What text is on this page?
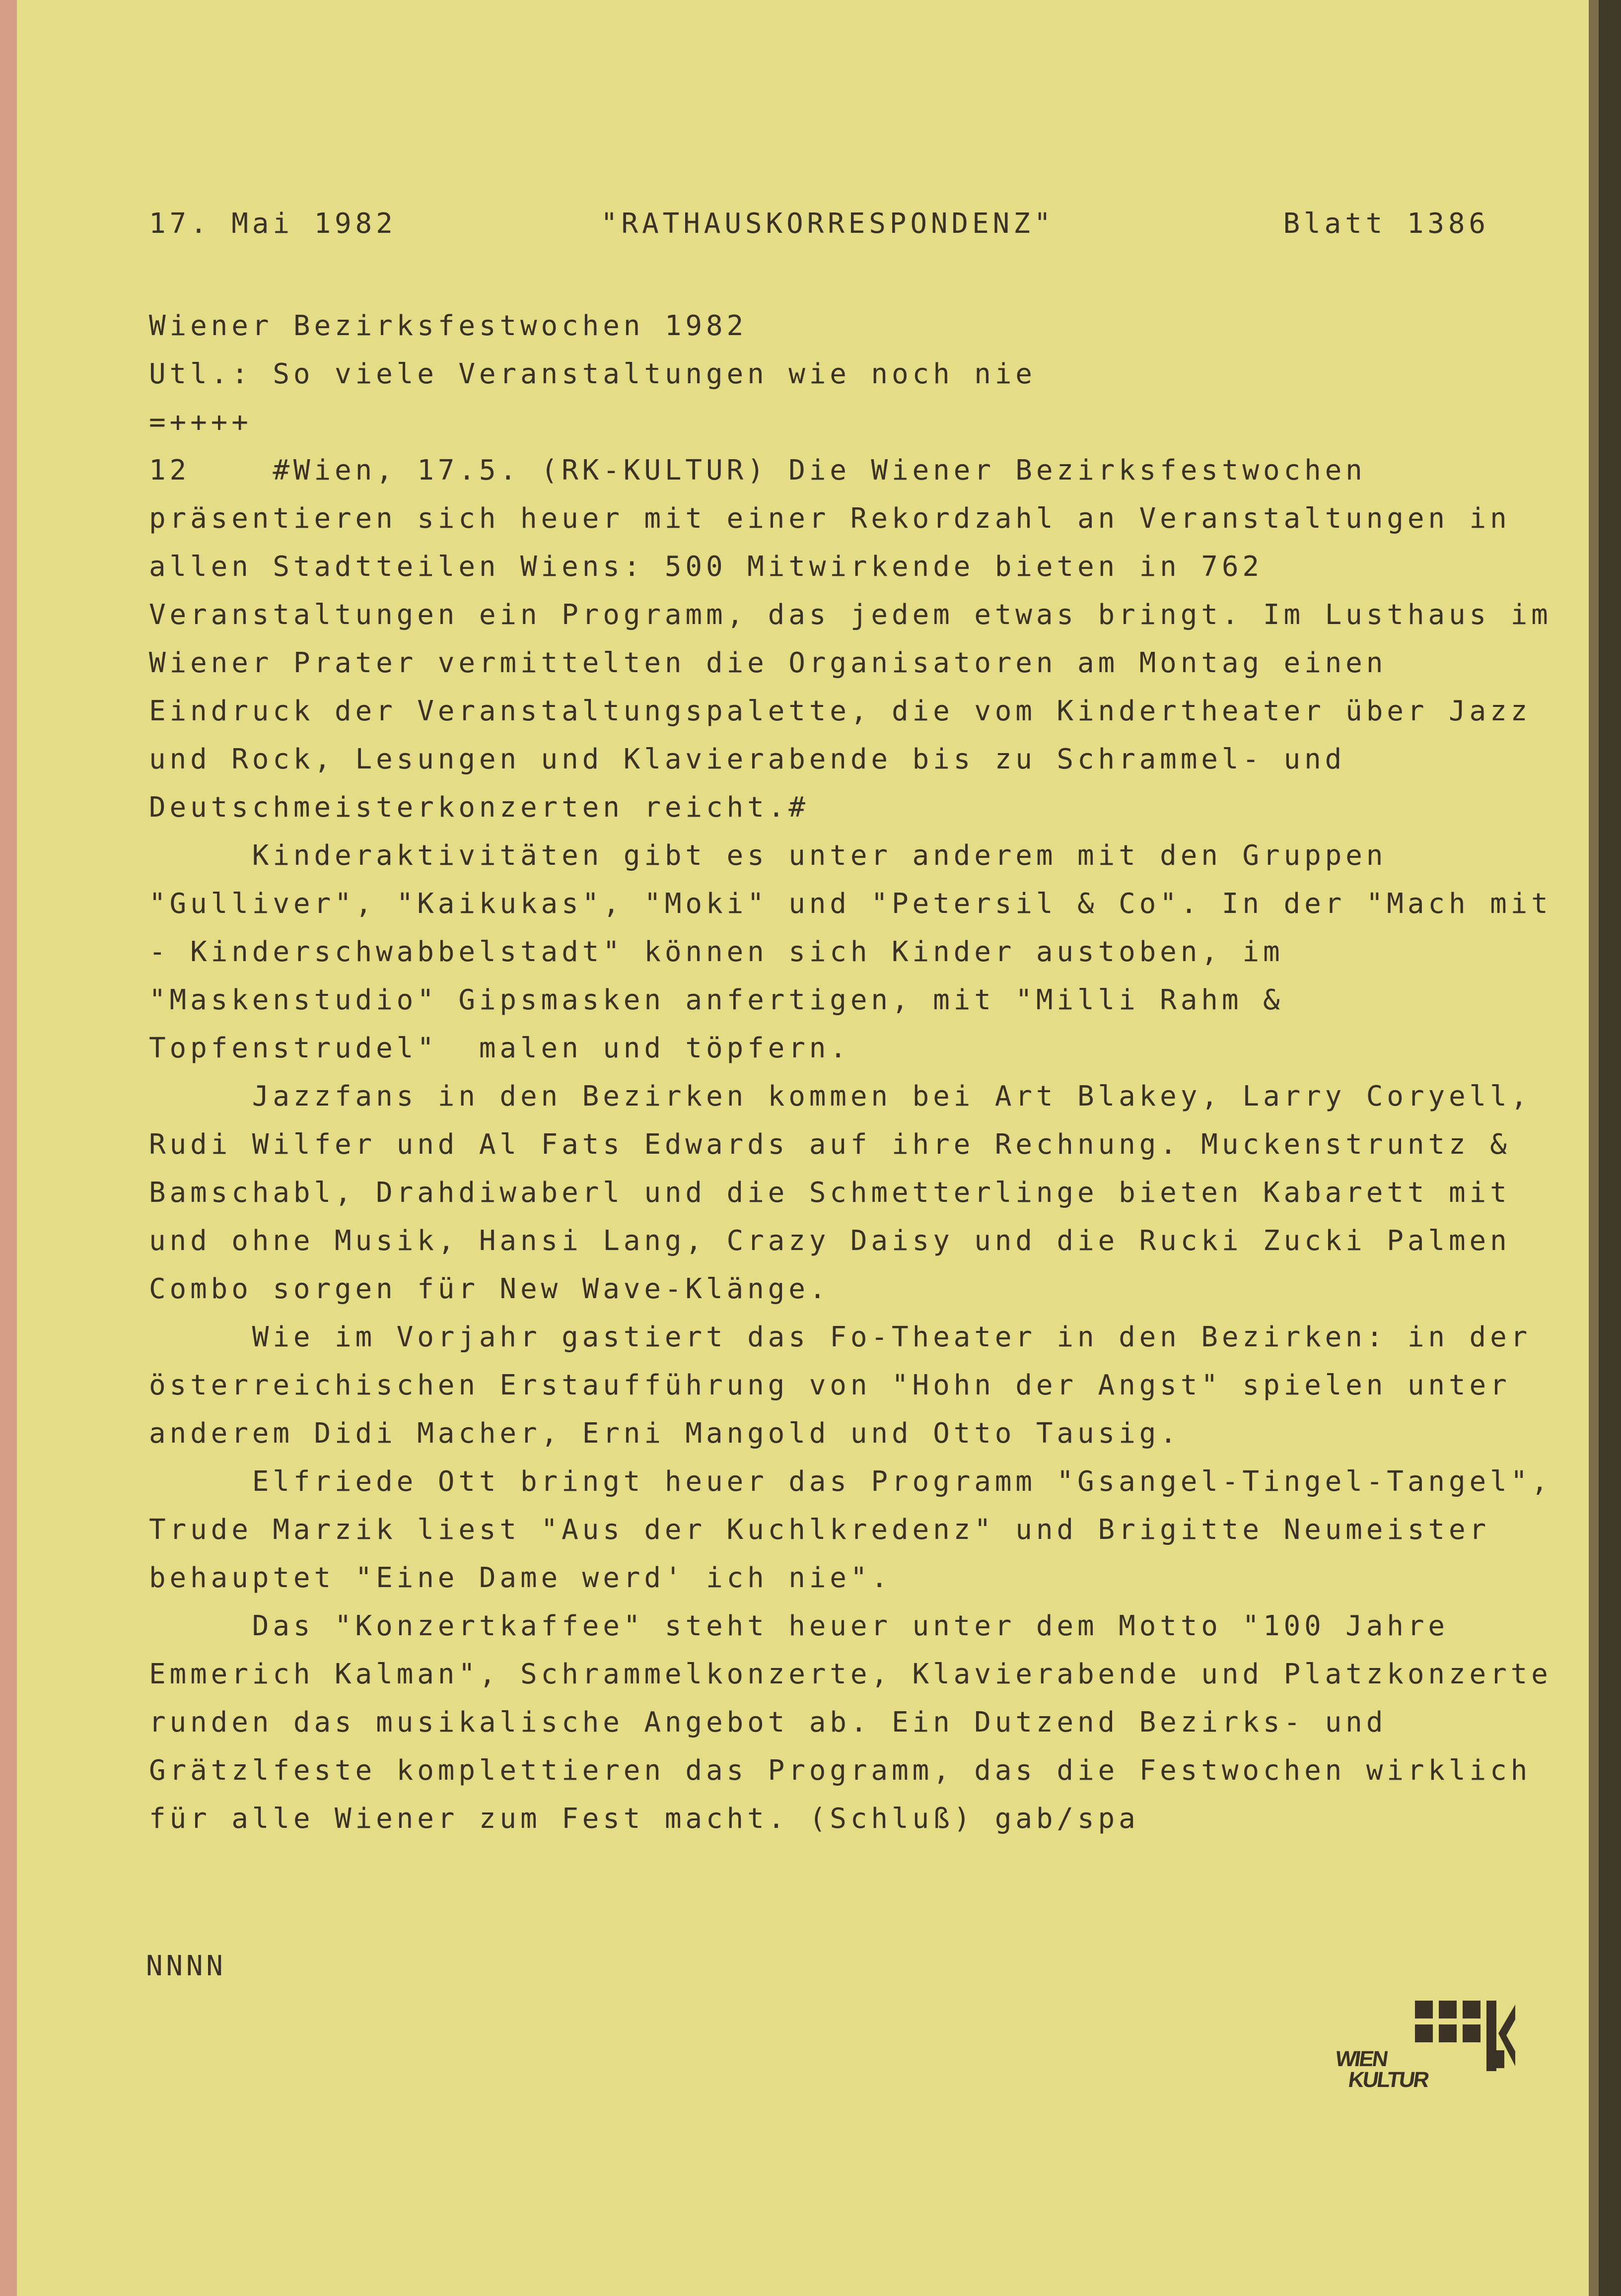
17. Mai 1982	"RATHAUSKORRESPONDENZ"	Blatt 1386
Wiener Bezirksfestwochen 1982
Utl.: So viele Veranstaltungen wie noch nie
=++++
12    #Wien, 17.5. (RK-KULTUR) Die Wiener Bezirksfestwochen
präsentieren sich heuer mit einer Rekordzahl an Veranstaltungen in
allen Stadtteilen Wiens: 500 Mitwirkende bieten in 762
Veranstaltungen ein Programm, das jedem etwas bringt. Im Lusthaus im
Wiener Prater vermittelten die Organisatoren am Montag einen
Eindruck der Veranstaltungspalette, die vom Kindertheater über Jazz
und Rock, Lesungen und Klavierabende bis zu Schrammel- und
Deutschmeisterkonzerten reicht.#
Kinderaktivitäten gibt es unter anderem mit den Gruppen
"Gulliver", "Kaikukas", "Moki" und "Petersil & Co". In der "Mach mit
- Kinderschwabbelstadt" können sich Kinder austoben, im
"Maskenstudio" Gipsmasken anfertigen, mit "Milli Rahm &
Topfenstrudel"  malen und töpfern.
Jazzfans in den Bezirken kommen bei Art Blakey, Larry Coryell,
Rudi Wilfer und Al Fats Edwards auf ihre Rechnung. Muckenstruntz &
Bamschabl, Drahdiwaberl und die Schmetterlinge bieten Kabarett mit
und ohne Musik, Hansi Lang, Crazy Daisy und die Rucki Zucki Palmen
Combo sorgen für New Wave-Klänge.
Wie im Vorjahr gastiert das Fo-Theater in den Bezirken: in der
österreichischen Erstaufführung von "Hohn der Angst" spielen unter
anderem Didi Macher, Erni Mangold und Otto Tausig.
Elfriede Ott bringt heuer das Programm "Gsangel-Tingel-Tangel",
Trude Marzik liest "Aus der Kuchlkredenz" und Brigitte Neumeister
behauptet "Eine Dame werd' ich nie".
Das "Konzertkaffee" steht heuer unter dem Motto "100 Jahre
Emmerich Kalman", Schrammelkonzerte, Klavierabende und Platzkonzerte
runden das musikalische Angebot ab. Ein Dutzend Bezirks- und
Grätzlfeste komplettieren das Programm, das die Festwochen wirklich
für alle Wiener zum Fest macht. (Schluß) gab/spa
NNNN
WIEN
KULTUR
